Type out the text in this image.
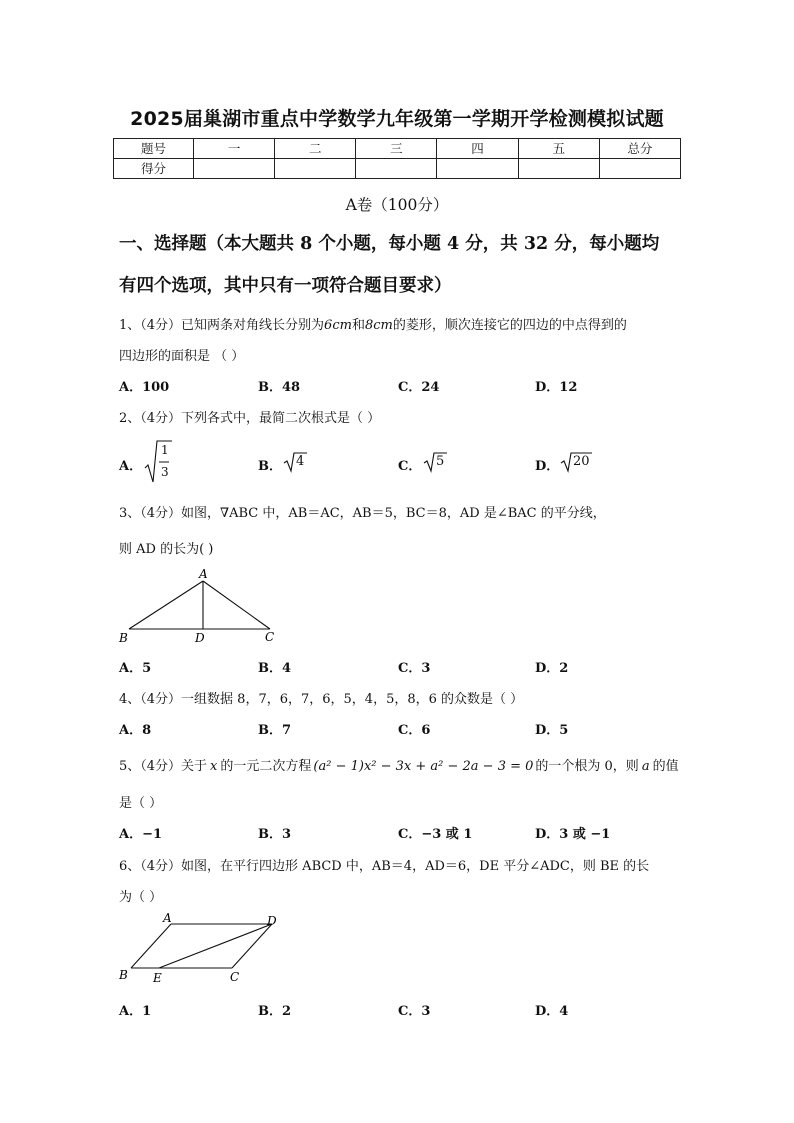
2025届巢湖市重点中学数学九年级第一学期开学检测模拟试题
题号	一	二	三	四	五	总分
得分						
A卷（100分）
一、选择题（本大题共 8 个小题，每小题 4 分，共 32 分，每小题均
有四个选项，其中只有一项符合题目要求）
1、（4分）已知两条对角线长分别为6cm和8cm的菱形，顺次连接它的四边的中点得到的
四边形的面积是 （ ）
A．100	B．48	C．24	D．12
2、（4分）下列各式中，最简二次根式是（ ）
A．
1
3	B． 4	C． 5	D． 20
3、（4分）如图，∇ABC 中，AB＝AC，AB＝5，BC＝8，AD 是∠BAC 的平分线，
则 AD 的长为( )
A
B	D	C
A．5	B．4	C．3	D．2
4、（4分）一组数据 8，7，6，7，6，5，4，5，8，6 的众数是（ ）
A．8	B．7	C．6	D．5
5、（4分）关于 x 的一元二次方程 (a² − 1)x² − 3x + a² − 2a − 3 = 0 的一个根为 0，则 a 的值
是（ ）
A．−1	B．3	C．−3 或 1	D．3 或 −1
6、（4分）如图，在平行四边形 ABCD 中，AB＝4，AD＝6，DE 平分∠ADC，则 BE 的长
为（ ）
A	D
B E	C
A．1	B．2	C．3	D．4
